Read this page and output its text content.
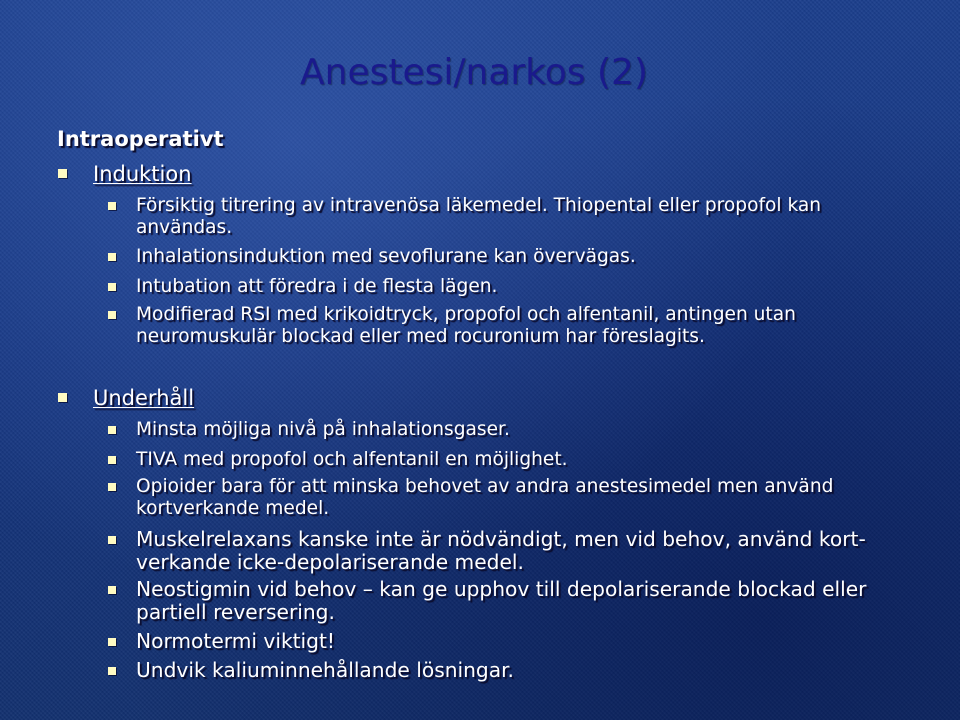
Anestesi/narkos (2)
Intraoperativt
Induktion
Försiktig titrering av intravenösa läkemedel. Thiopental eller propofol kan användas.
Inhalationsinduktion med sevoflurane kan övervägas.
Intubation att föredra i de flesta lägen.
Modifierad RSI med krikoidtryck, propofol och alfentanil, antingen utan neuromuskulär blockad eller med rocuronium har föreslagits.
Underhåll
Minsta möjliga nivå på inhalationsgaser.
TIVA med propofol och alfentanil en möjlighet.
Opioider bara för att minska behovet av andra anestesimedel men använd kortverkande medel.
Muskelrelaxans kanske inte är nödvändigt, men vid behov, använd kort-verkande icke-depolariserande medel.
Neostigmin vid behov – kan ge upphov till depolariserande blockad eller partiell reversering.
Normotermi viktigt!
Undvik kaliuminnehållande lösningar.
